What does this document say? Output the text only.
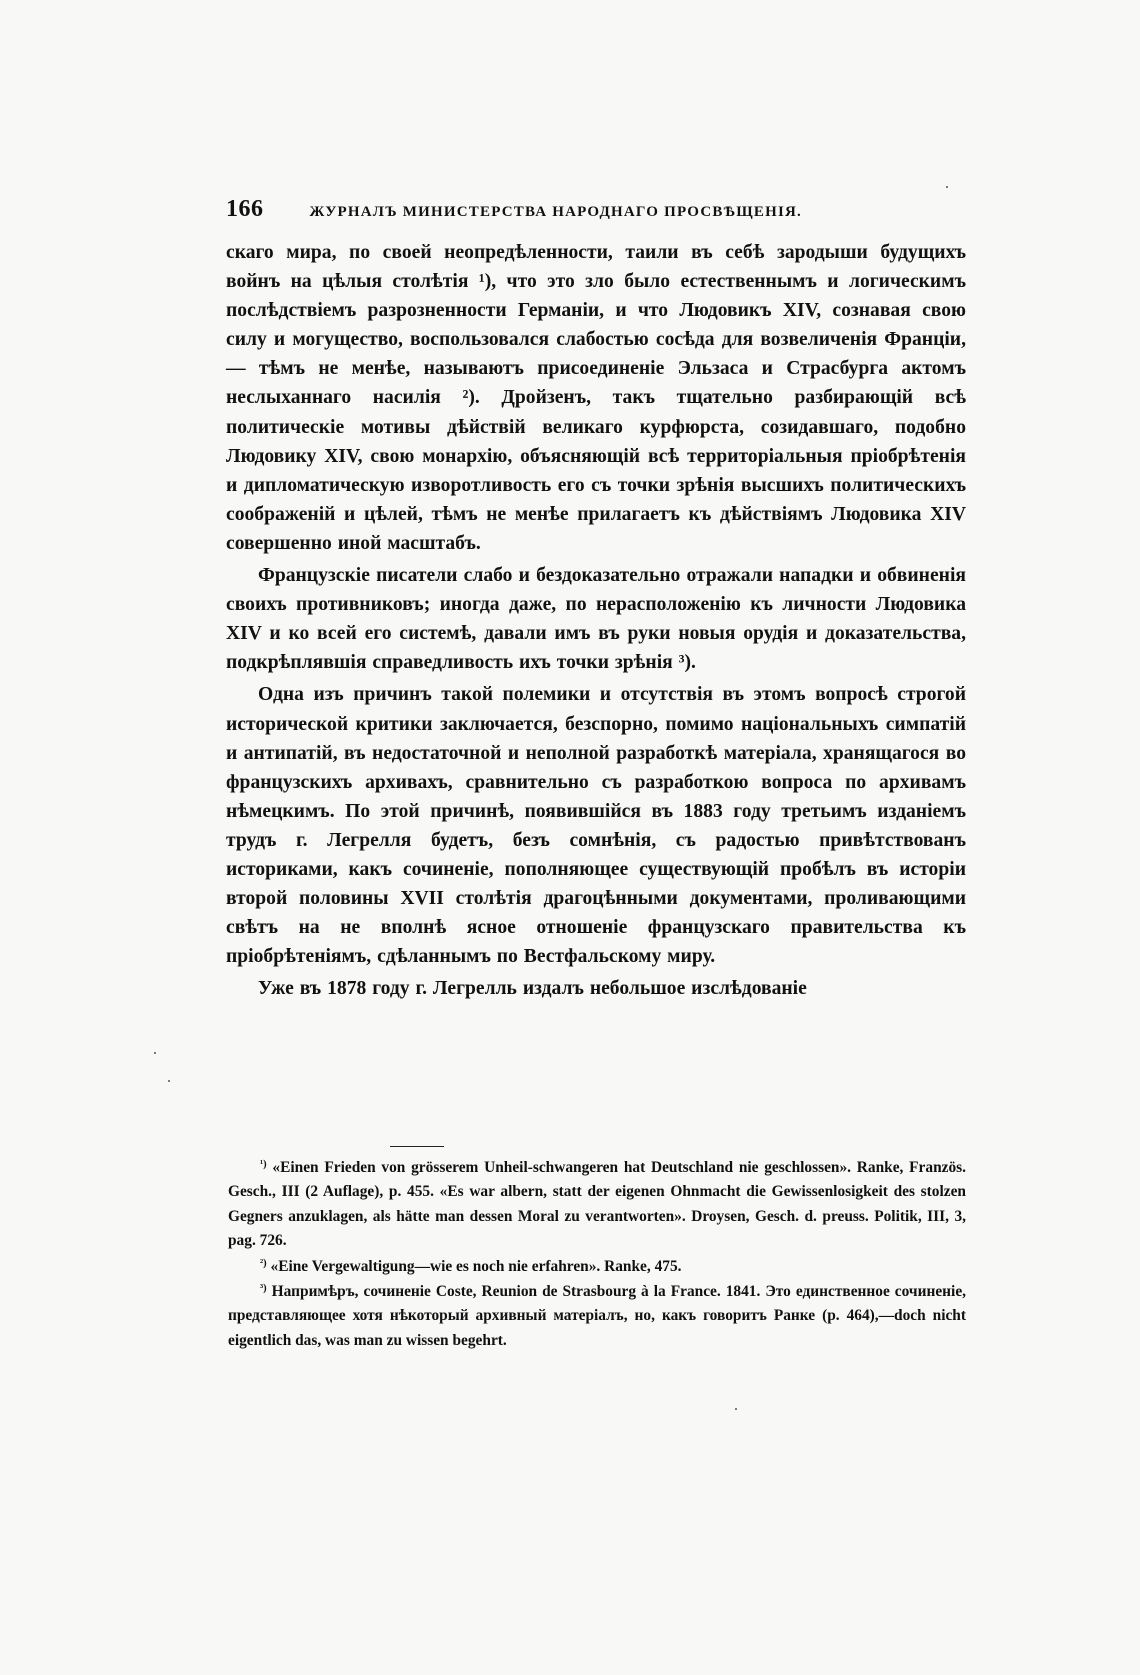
166	ЖУРНАЛЪ МИНИСТЕРСТВА НАРОДНАГО ПРОСВѢЩЕНІЯ.

скаго мира, по своей неопредѣленности, таили въ себѣ зародыши будущихъ войнъ на цѣлыя столѣтія ¹), что это зло было естественнымъ и логическимъ послѣдствіемъ разрозненности Германіи, и что Людовикъ XIV, сознавая свою силу и могущество, воспользовался слабостью сосѣда для возвеличенія Франціи, — тѣмъ не менѣе, называютъ присоединеніе Эльзаса и Страсбурга актомъ неслыханнаго насилія ²). Дройзенъ, такъ тщательно разбирающій всѣ политическіе мотивы дѣйствій великаго курфюрста, созидавшаго, подобно Людовику XIV, свою монархію, объясняющій всѣ территоріальныя пріобрѣтенія и дипломатическую изворотливость его съ точки зрѣнія высшихъ политическихъ соображеній и цѣлей, тѣмъ не менѣе прилагаетъ къ дѣйствіямъ Людовика XIV совершенно иной масштабъ.

Французскіе писатели слабо и бездоказательно отражали нападки и обвиненія своихъ противниковъ; иногда даже, по нерасположенію къ личности Людовика XIV и ко всей его системѣ, давали имъ въ руки новыя орудія и доказательства, подкрѣплявшія справедливость ихъ точки зрѣнія ³).

Одна изъ причинъ такой полемики и отсутствія въ этомъ вопросѣ строгой исторической критики заключается, безспорно, помимо національныхъ симпатій и антипатій, въ недостаточной и неполной разработкѣ матеріала, хранящагося во французскихъ архивахъ, сравнительно съ разработкою вопроса по архивамъ нѣмецкимъ. По этой причинѣ, появившійся въ 1883 году третьимъ изданіемъ трудъ г. Легрелля будетъ, безъ сомнѣнія, съ радостью привѣтствованъ историками, какъ сочиненіе, пополняющее существующій пробѣлъ въ исторіи второй половины XVII столѣтія драгоцѣнными документами, проливающими свѣтъ на не вполнѣ ясное отношеніе французскаго правительства къ пріобрѣтеніямъ, сдѣланнымъ по Вестфальскому миру.

Уже въ 1878 году г. Легрелль издалъ небольшое изслѣдованіе

$^{^1)}$ «Einen Frieden von grösserem Unheil-schwangeren hat Deutschland nie geschlossen». Ranke, Französ. Gesch., III (2 Auflage), p. 455. «Es war albern, statt der eigenen Ohnmacht die Gewissenlosigkeit des stolzen Gegners anzuklagen, als hätte man dessen Moral zu verantworten». Droysen, Gesch. d. preuss. Politik, III, 3, pag. 726.

$^{^2)}$ «Eine Vergewaltigung—wie es noch nie erfahren». Ranke, 475.

$^{^3)}$ Напримѣръ, сочиненіе Coste, Reunion de Strasbourg à la France. 1841. Это единственное сочиненіе, представляющее хотя нѣкоторый архивный матеріалъ, но, какъ говоритъ Ранке (p. 464),—doch nicht eigentlich das, was man zu wissen begehrt.
